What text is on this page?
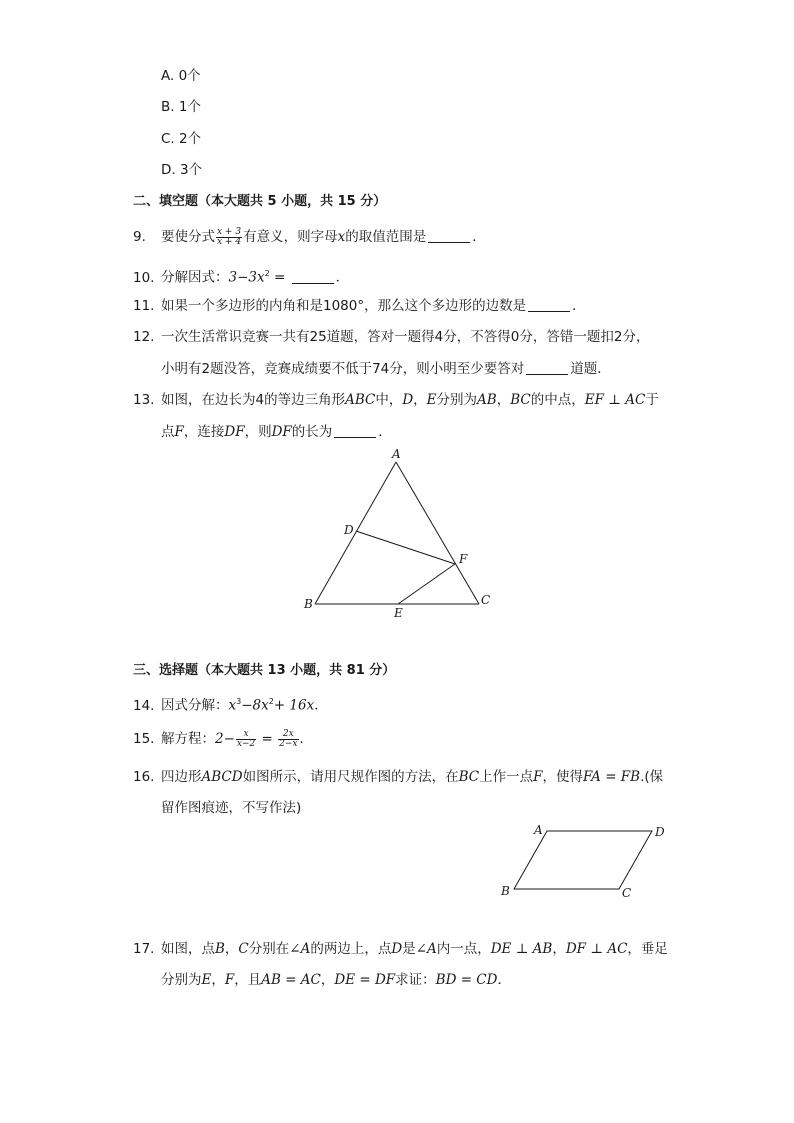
A. 0个
B. 1个
C. 2个
D. 3个
二、填空题（本大题共 5 小题，共 15 分）
9. 要使分式 $\frac{x + 3}{x + 4}$ 有意义，则字母x的取值范围是	．
10. 分解因式：$3-3x^2$ =	．
11. 如果一个多边形的内角和是1080°，那么这个多边形的边数是	．
12. 一次生活常识竞赛一共有25道题，答对一题得4分，不答得0分，答错一题扣2分，
小明有2题没答，竞赛成绩要不低于74分，则小明至少要答对	道题．
13. 如图，在边长为4的等边三角形ABC中，D，E分别为AB，BC的中点，EF ⊥ AC于
点F，连接DF，则DF的长为	．
A
D
F
B
E
C
三、选择题（本大题共 13 小题，共 81 分）
14. 因式分解：$x^3-8x^2+ 16x$．
15. 解方程：$2- \frac{x}{x-2} = \frac{2x}{2-x}$ ．
16. 四边形ABCD如图所示，请用尺规作图的方法，在BC上作一点F，使得FA = FB.(保
留作图痕迹，不写作法)
A	D
B	C
17. 如图，点B，C分别在∠A的两边上，点D是∠A内一点，DE ⊥ AB，DF ⊥ AC，垂足
分别为E，F，且AB = AC，DE = DF求证：BD = CD．
